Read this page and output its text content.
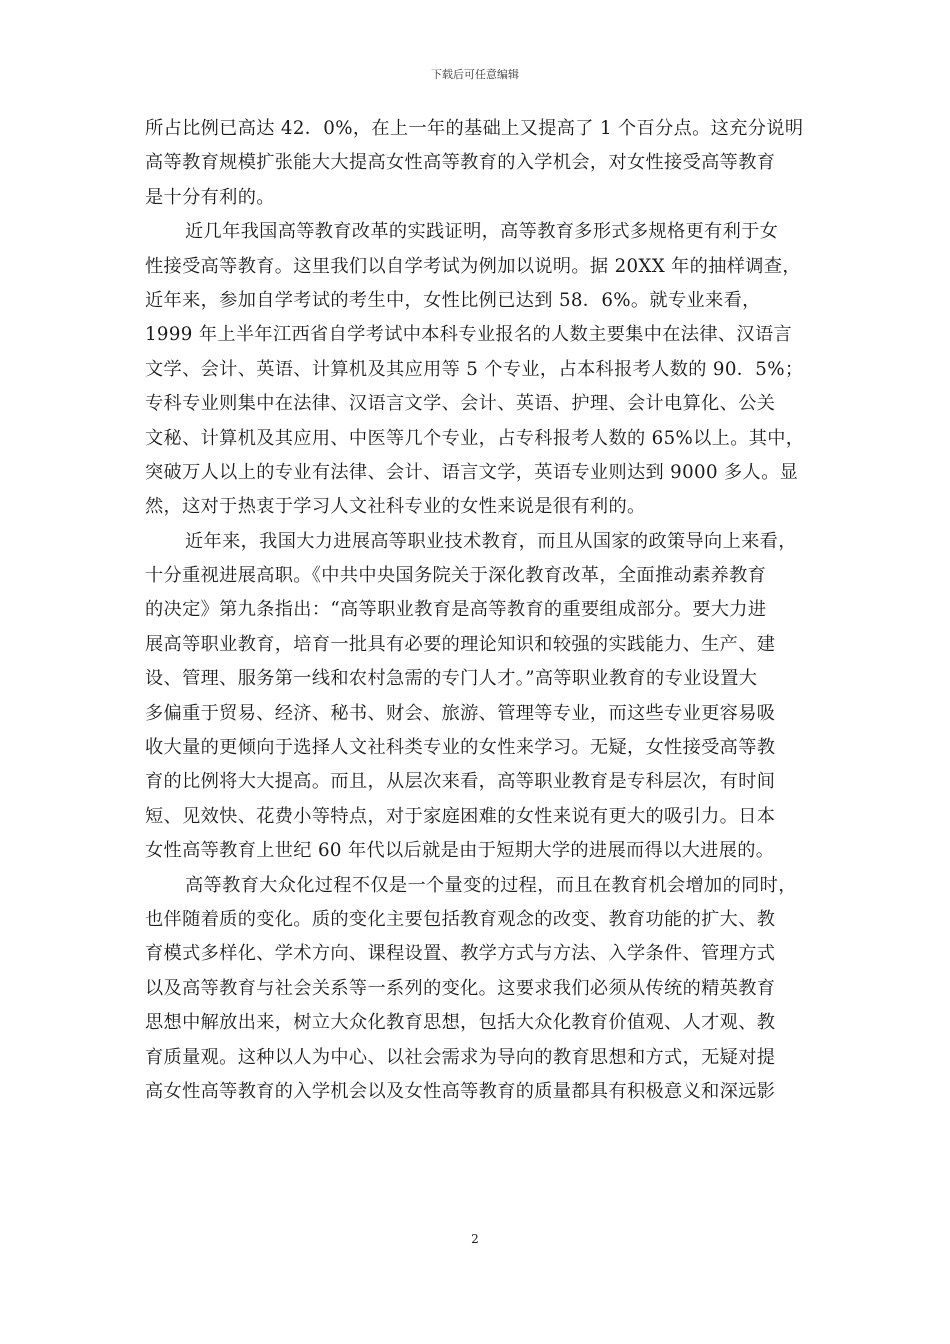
下载后可任意编辑
所占比例已高达 42．0%，在上一年的基础上又提高了 1 个百分点。这充分说明
高等教育规模扩张能大大提高女性高等教育的入学机会，对女性接受高等教育
是十分有利的。
近几年我国高等教育改革的实践证明，高等教育多形式多规格更有利于女
性接受高等教育。这里我们以自学考试为例加以说明。据 20XX 年的抽样调查，
近年来，参加自学考试的考生中，女性比例已达到 58．6%。就专业来看，
1999 年上半年江西省自学考试中本科专业报名的人数主要集中在法律、汉语言
文学、会计、英语、计算机及其应用等 5 个专业，占本科报考人数的 90．5%；
专科专业则集中在法律、汉语言文学、会计、英语、护理、会计电算化、公关
文秘、计算机及其应用、中医等几个专业，占专科报考人数的 65%以上。其中，
突破万人以上的专业有法律、会计、语言文学，英语专业则达到 9000 多人。显
然，这对于热衷于学习人文社科专业的女性来说是很有利的。
近年来，我国大力进展高等职业技术教育，而且从国家的政策导向上来看，
十分重视进展高职。《中共中央国务院关于深化教育改革，全面推动素养教育
的决定》第九条指出：“高等职业教育是高等教育的重要组成部分。要大力进
展高等职业教育，培育一批具有必要的理论知识和较强的实践能力、生产、建
设、管理、服务第一线和农村急需的专门人才。”高等职业教育的专业设置大
多偏重于贸易、经济、秘书、财会、旅游、管理等专业，而这些专业更容易吸
收大量的更倾向于选择人文社科类专业的女性来学习。无疑，女性接受高等教
育的比例将大大提高。而且，从层次来看，高等职业教育是专科层次，有时间
短、见效快、花费小等特点，对于家庭困难的女性来说有更大的吸引力。日本
女性高等教育上世纪 60 年代以后就是由于短期大学的进展而得以大进展的。
高等教育大众化过程不仅是一个量变的过程，而且在教育机会增加的同时，
也伴随着质的变化。质的变化主要包括教育观念的改变、教育功能的扩大、教
育模式多样化、学术方向、课程设置、教学方式与方法、入学条件、管理方式
以及高等教育与社会关系等一系列的变化。这要求我们必须从传统的精英教育
思想中解放出来，树立大众化教育思想，包括大众化教育价值观、人才观、教
育质量观。这种以人为中心、以社会需求为导向的教育思想和方式，无疑对提
高女性高等教育的入学机会以及女性高等教育的质量都具有积极意义和深远影
2
